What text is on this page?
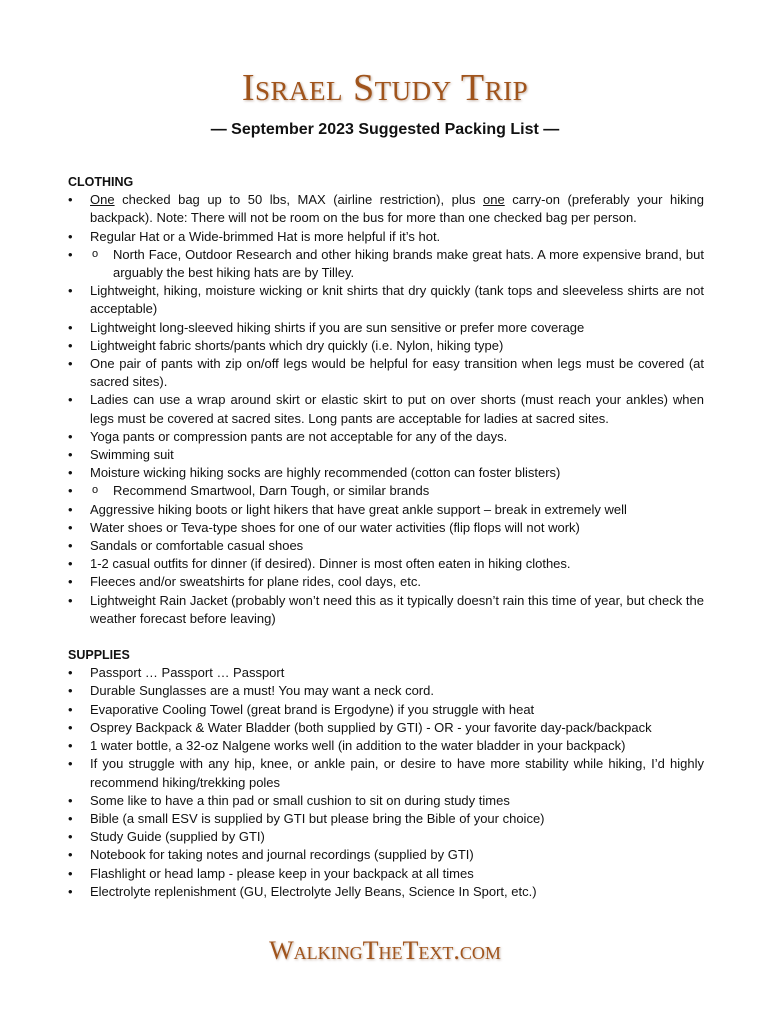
Israel Study Trip
— September 2023 Suggested Packing List —

CLOTHING

• One checked bag up to 50 lbs, MAX (airline restriction), plus one carry-on (preferably your hiking backpack). Note: There will not be room on the bus for more than one checked bag per person.
• Regular Hat or a Wide-brimmed Hat is more helpful if it’s hot.
o • North Face, Outdoor Research and other hiking brands make great hats. A more expensive brand, but arguably the best hiking hats are by Tilley.
• Lightweight, hiking, moisture wicking or knit shirts that dry quickly (tank tops and sleeveless shirts are not acceptable)
• Lightweight long-sleeved hiking shirts if you are sun sensitive or prefer more coverage
• Lightweight fabric shorts/pants which dry quickly (i.e. Nylon, hiking type)
• One pair of pants with zip on/off legs would be helpful for easy transition when legs must be covered (at sacred sites).
• Ladies can use a wrap around skirt or elastic skirt to put on over shorts (must reach your ankles) when legs must be covered at sacred sites. Long pants are acceptable for ladies at sacred sites.
• Yoga pants or compression pants are not acceptable for any of the days.
• Swimming suit
• Moisture wicking hiking socks are highly recommended (cotton can foster blisters)
o • Recommend Smartwool, Darn Tough, or similar brands
• Aggressive hiking boots or light hikers that have great ankle support – break in extremely well
• Water shoes or Teva-type shoes for one of our water activities (flip flops will not work)
• Sandals or comfortable casual shoes
• 1-2 casual outfits for dinner (if desired). Dinner is most often eaten in hiking clothes.
• Fleeces and/or sweatshirts for plane rides, cool days, etc.
• Lightweight Rain Jacket (probably won’t need this as it typically doesn’t rain this time of year, but check the weather forecast before leaving)

SUPPLIES

• Passport … Passport … Passport
• Durable Sunglasses are a must! You may want a neck cord.
• Evaporative Cooling Towel (great brand is Ergodyne) if you struggle with heat
• Osprey Backpack & Water Bladder (both supplied by GTI) - OR - your favorite day-pack/backpack
• 1 water bottle, a 32-oz Nalgene works well (in addition to the water bladder in your backpack)
• If you struggle with any hip, knee, or ankle pain, or desire to have more stability while hiking, I’d highly recommend hiking/trekking poles
• Some like to have a thin pad or small cushion to sit on during study times
• Bible (a small ESV is supplied by GTI but please bring the Bible of your choice)
• Study Guide (supplied by GTI)
• Notebook for taking notes and journal recordings (supplied by GTI)
• Flashlight or head lamp - please keep in your backpack at all times
• Electrolyte replenishment (GU, Electrolyte Jelly Beans, Science In Sport, etc.)
WalkingTheText.com
